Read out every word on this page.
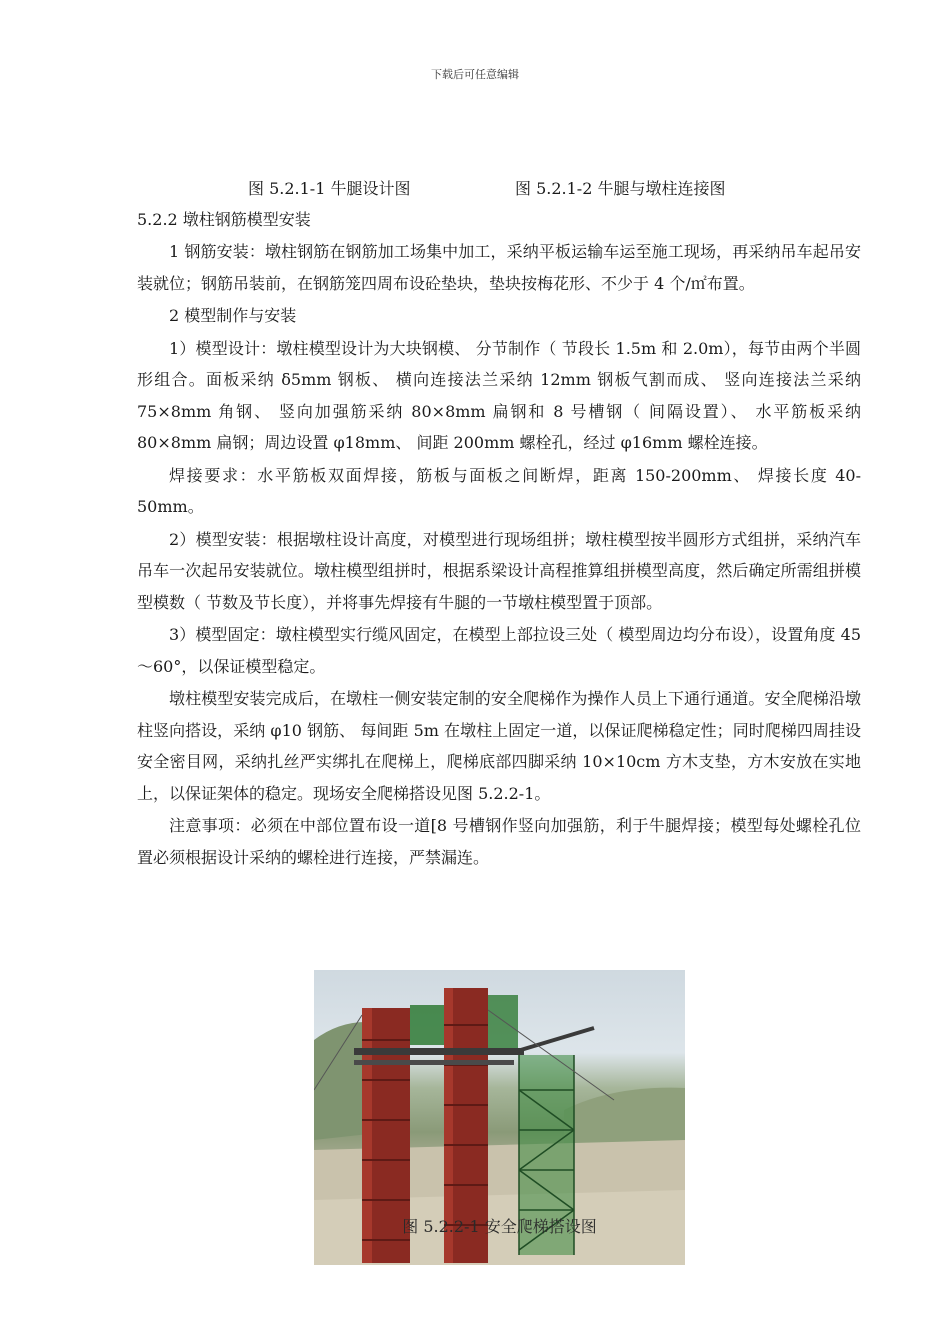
下载后可任意编辑
图 5.2.1-1 牛腿设计图	图 5.2.1-2 牛腿与墩柱连接图
5.2.2 墩柱钢筋模型安装

1 钢筋安装：墩柱钢筋在钢筋加工场集中加工，采纳平板运输车运至施工现场，再采纳吊车起吊安装就位；钢筋吊装前，在钢筋笼四周布设砼垫块，垫块按梅花形、不少于 4 个/㎡布置。

2 模型制作与安装

1）模型设计：墩柱模型设计为大块钢模、 分节制作（ 节段长 1.5m 和 2.0m），每节由两个半圆形组合。面板采纳 δ5mm 钢板、 横向连接法兰采纳 12mm 钢板气割而成、 竖向连接法兰采纳 75×8mm 角钢、 竖向加强筋采纳 80×8mm 扁钢和 8 号槽钢（ 间隔设置）、 水平筋板采纳 80×8mm 扁钢；周边设置 φ18mm、 间距 200mm 螺栓孔，经过 φ16mm 螺栓连接。

焊接要求：水平筋板双面焊接，筋板与面板之间断焊，距离 150-200mm、 焊接长度 40-50mm。

2）模型安装：根据墩柱设计高度，对模型进行现场组拼；墩柱模型按半圆形方式组拼，采纳汽车吊车一次起吊安装就位。墩柱模型组拼时，根据系梁设计高程推算组拼模型高度，然后确定所需组拼模型模数（ 节数及节长度），并将事先焊接有牛腿的一节墩柱模型置于顶部。

3）模型固定：墩柱模型实行缆风固定，在模型上部拉设三处（ 模型周边均分布设），设置角度 45～60°，以保证模型稳定。

墩柱模型安装完成后，在墩柱一侧安装定制的安全爬梯作为操作人员上下通行通道。安全爬梯沿墩柱竖向搭设，采纳 φ10 钢筋、 每间距 5m 在墩柱上固定一道，以保证爬梯稳定性；同时爬梯四周挂设安全密目网，采纳扎丝严实绑扎在爬梯上，爬梯底部四脚采纳 10×10cm 方木支垫，方木安放在实地上，以保证架体的稳定。现场安全爬梯搭设见图 5.2.2-1。

注意事项：必须在中部位置布设一道[8 号槽钢作竖向加强筋，利于牛腿焊接；模型每处螺栓孔位置必须根据设计采纳的螺栓进行连接，严禁漏连。

图 5.2.2-1 安全爬梯搭设图
